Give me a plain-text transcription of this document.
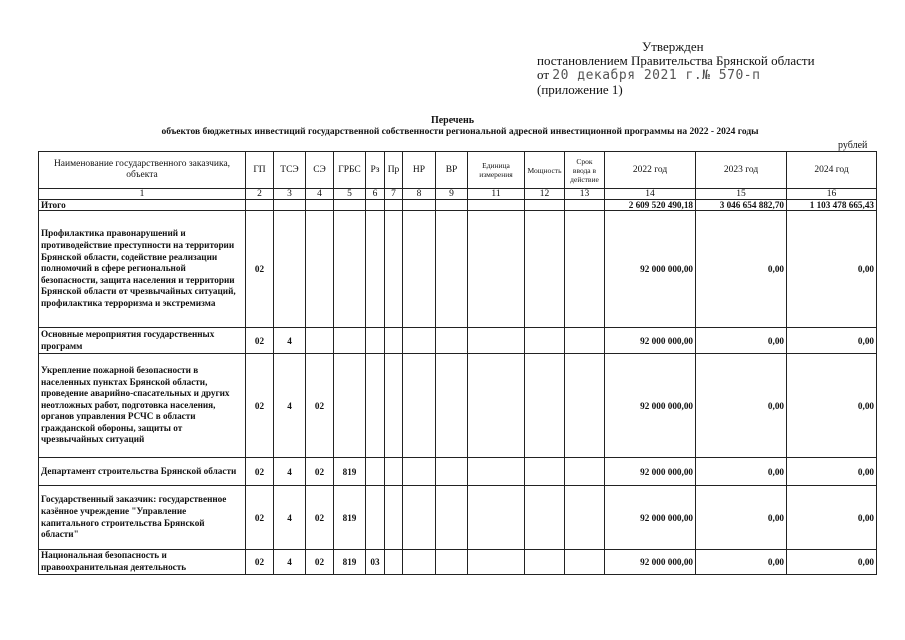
Утвержден
постановлением Правительства Брянской области
от 20 декабря 2021 г.№ 570-п
(приложение 1)
Перечень
объектов бюджетных инвестиций государственной собственности региональной адресной инвестиционной программы на 2022 - 2024 годы
рублей
Наименование государственного заказчика, объекта	ГП	ТСЭ	СЭ	ГРБС	Рз	Пр	НР	ВР	Единица измерения	Мощность	Срок ввода в действие	2022 год	2023 год	2024 год
1	2	3	4	5	6	7	8	9	11	12	13	14	15	16
Итого												2 609 520 490,18	3 046 654 882,70	1 103 478 665,43
Профилактика правонарушений и противодействие преступности на территории Брянской области, содействие реализации полномочий в сфере региональной безопасности, защита населения и территории Брянской области от чрезвычайных ситуаций, профилактика терроризма и экстремизма	02											92 000 000,00	0,00	0,00
Основные мероприятия государственных программ	02	4										92 000 000,00	0,00	0,00
Укрепление пожарной безопасности в населенных пунктах Брянской области, проведение аварийно-спасательных и других неотложных работ, подготовка населения, органов управления РСЧС в области гражданской обороны, защиты от чрезвычайных ситуаций	02	4	02									92 000 000,00	0,00	0,00
Департамент строительства Брянской области	02	4	02	819								92 000 000,00	0,00	0,00
Государственный заказчик: государственное казённое учреждение "Управление капитального строительства Брянской области"	02	4	02	819								92 000 000,00	0,00	0,00
Национальная безопасность и правоохранительная деятельность	02	4	02	819	03							92 000 000,00	0,00	0,00
